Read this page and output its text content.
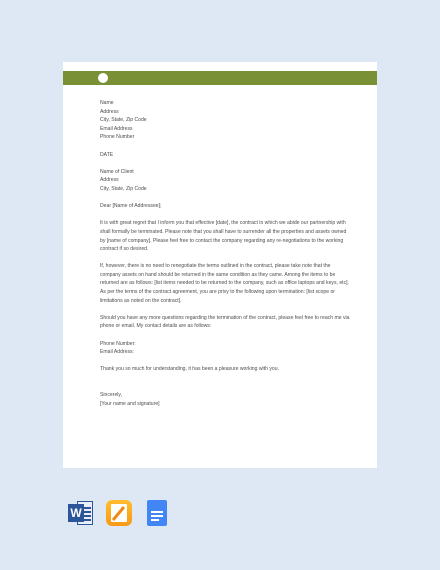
Name

Address

City, State, Zip Code

Email Address

Phone Number

DATE

Name of Client

Address

City, State, Zip Code

Dear [Name of Addressee];

It is with great regret that I inform you that effective [date], the contract in which we abide our partnership with shall formally be terminated. Please note that you shall have to surrender all the properties and assets owned by [name of company]. Please feel free to contact the company regarding any re-negotiations to the working contract if so desired.

If, however, there is no need to renegotiate the terms outlined in the contract, please take note that the company assets on hand should be returned in the same condition as they came. Among the items to be returned are as follows: [list items needed to be returned to the company, such as office laptops and keys, etc]. As per the terms of the contract agreement, you are privy to the following upon termination: [list scope or limitations as noted on the contract].

Should you have any more questions regarding the termination of the contract, please feel free to reach me via phone or email. My contact details are as follows:

Phone Number:

Email Address:

Thank you so much for understanding, it has been a pleasure working with you.

Sincerely,

[Your name and signature]

W
